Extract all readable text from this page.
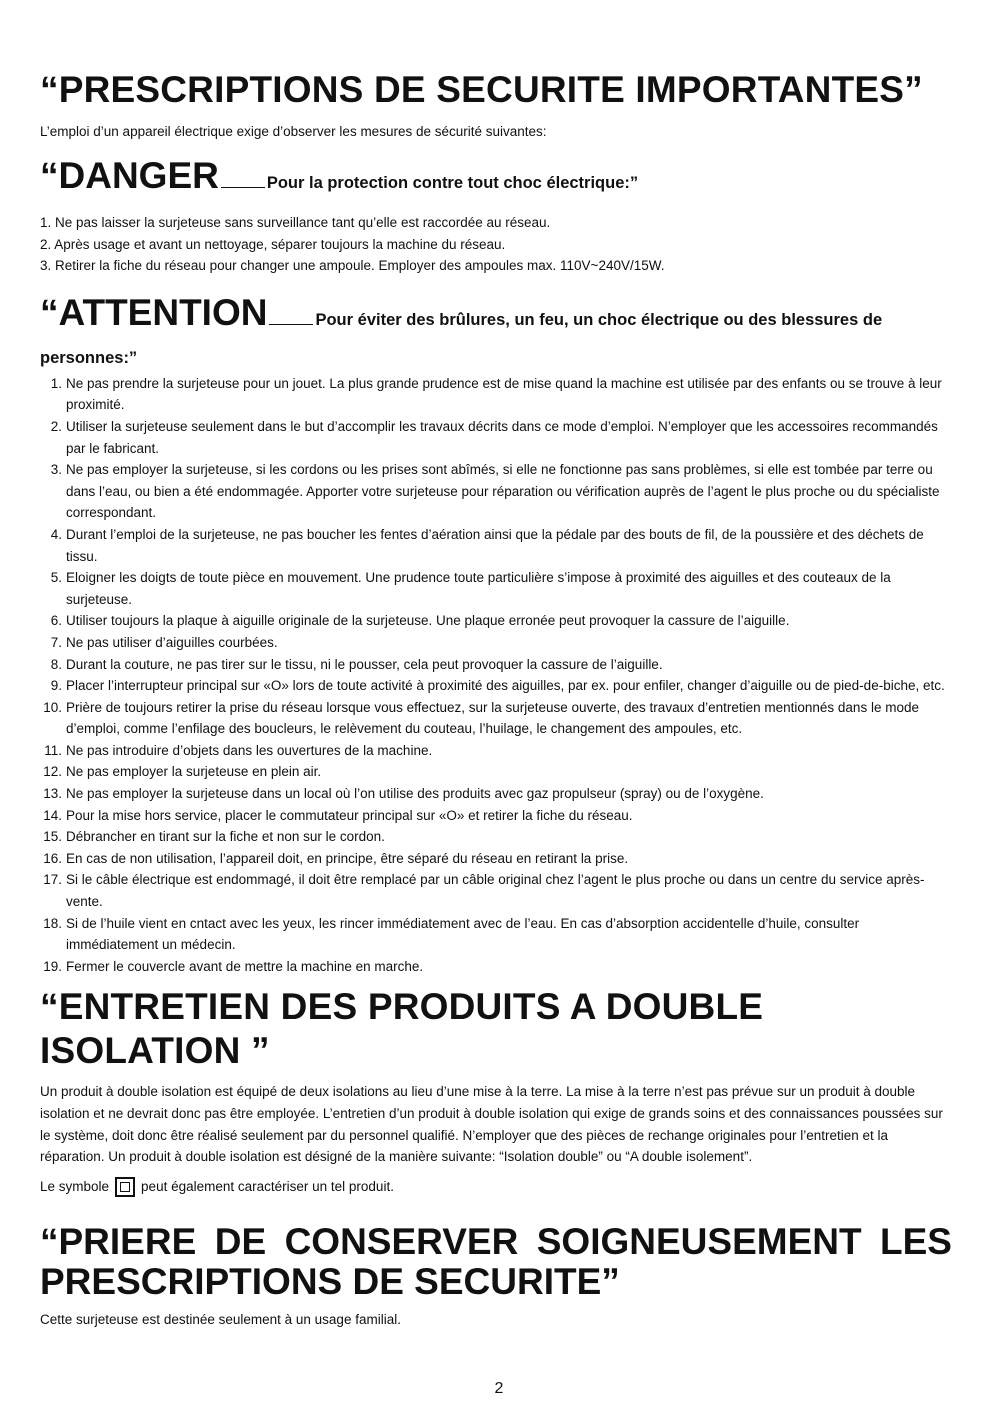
“PRESCRIPTIONS DE SECURITE IMPORTANTES”

L’emploi d’un appareil électrique exige d’observer les mesures de sécurité suivantes:

“DANGER	Pour la protection contre tout choc électrique:”
1. Ne pas laisser la surjeteuse sans surveillance tant qu’elle est raccordée au réseau.
2. Après usage et avant un nettoyage, séparer toujours la machine du réseau.
3. Retirer la fiche du réseau pour changer une ampoule. Employer des ampoules max. 110V~240V/15W.
“ATTENTION	Pour éviter des brûlures, un feu, un choc électrique ou des blessures de
personnes:”
1. Ne pas prendre la surjeteuse pour un jouet. La plus grande prudence est de mise quand la machine est utilisée par des enfants ou se trouve à leur proximité.
2. Utiliser la surjeteuse seulement dans le but d’accomplir les travaux décrits dans ce mode d’emploi. N’employer que les accessoires recommandés par le fabricant.
3. Ne pas employer la surjeteuse, si les cordons ou les prises sont abîmés, si elle ne fonctionne pas sans problèmes, si elle est tombée par terre ou dans l’eau, ou bien a été endommagée. Apporter votre surjeteuse pour réparation ou vérification auprès de l’agent le plus proche ou du spécialiste correspondant.
4. Durant l’emploi de la surjeteuse, ne pas boucher les fentes d’aération ainsi que la pédale par des bouts de fil, de la poussière et des déchets de tissu.
5. Eloigner les doigts de toute pièce en mouvement. Une prudence toute particulière s’impose à proximité des aiguilles et des couteaux de la surjeteuse.
6. Utiliser toujours la plaque à aiguille originale de la surjeteuse. Une plaque erronée peut provoquer la cassure de l’aiguille.
7. Ne pas utiliser d’aiguilles courbées.
8. Durant la couture, ne pas tirer sur le tissu, ni le pousser, cela peut provoquer la cassure de l’aiguille.
9. Placer l’interrupteur principal sur «O» lors de toute activité à proximité des aiguilles, par ex. pour enfiler, changer d’aiguille ou de pied-de-biche, etc.
10. Prière de toujours retirer la prise du réseau lorsque vous effectuez, sur la surjeteuse ouverte, des travaux d’entretien mentionnés dans le mode d’emploi, comme l’enfilage des boucleurs, le relèvement du couteau, l’huilage, le changement des ampoules, etc.
11. Ne pas introduire d’objets dans les ouvertures de la machine.
12. Ne pas employer la surjeteuse en plein air.
13. Ne pas employer la surjeteuse dans un local où l’on utilise des produits avec gaz propulseur (spray) ou de l’oxygène.
14. Pour la mise hors service, placer le commutateur principal sur «O» et retirer la fiche du réseau.
15. Débrancher en tirant sur la fiche et non sur le cordon.
16. En cas de non utilisation, l’appareil doit, en principe, être séparé du réseau en retirant la prise.
17. Si le câble électrique est endommagé, il doit être remplacé par un câble original chez l’agent le plus proche ou dans un centre du service après-vente.
18. Si de l’huile vient en cntact avec les yeux, les rincer immédiatement avec de l’eau. En cas d’absorption accidentelle d’huile, consulter immédiatement un médecin.
19. Fermer le couvercle avant de mettre la machine en marche.
“ENTRETIEN DES PRODUITS A DOUBLE ISOLATION ”

Un produit à double isolation est équipé de deux isolations au lieu d’une mise à la terre. La mise à la terre n’est pas prévue sur un produit à double isolation et ne devrait donc pas être employée. L’entretien d’un produit à double isolation qui exige de grands soins et des connaissances poussées sur le système, doit donc être réalisé seulement par du personnel qualifié. N’employer que des pièces de rechange originales pour l’entretien et la réparation. Un produit à double isolation est désigné de la manière suivante: “Isolation double” ou “A double isolement”.

Le symbole peut également caractériser un tel produit.
“PRIERE DE CONSERVER SOIGNEUSEMENT LES PRESCRIPTIONS DE SECURITE”

Cette surjeteuse est destinée seulement à un usage familial.

2
